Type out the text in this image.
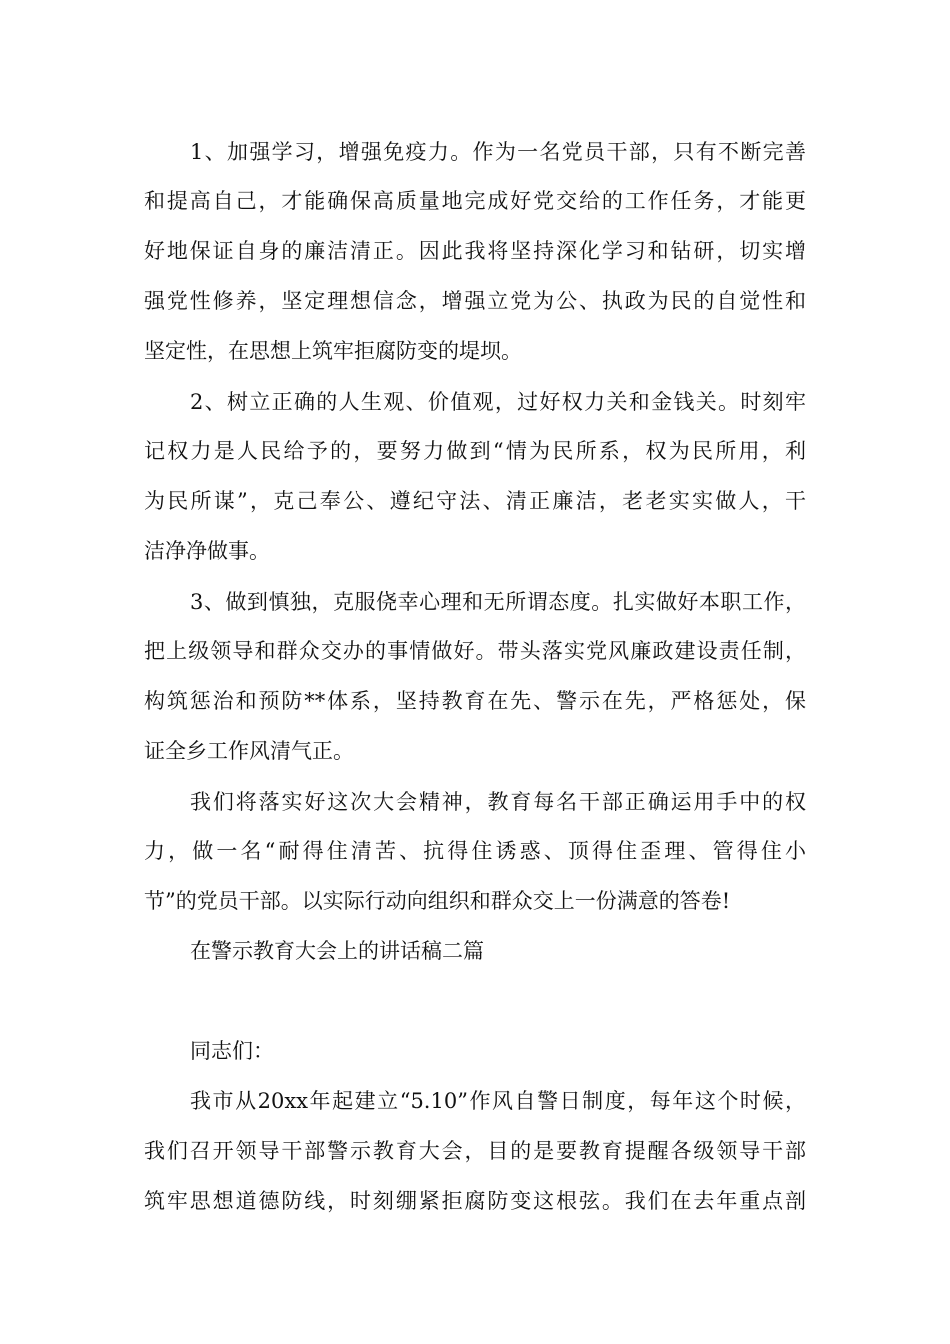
1、加强学习，增强免疫力。作为一名党员干部，只有不断完善
和提高自己，才能确保高质量地完成好党交给的工作任务，才能更
好地保证自身的廉洁清正。因此我将坚持深化学习和钻研，切实增
强党性修养，坚定理想信念，增强立党为公、执政为民的自觉性和
坚定性，在思想上筑牢拒腐防变的堤坝。
2、树立正确的人生观、价值观，过好权力关和金钱关。时刻牢
记权力是人民给予的，要努力做到“情为民所系，权为民所用，利
为民所谋”，克己奉公、遵纪守法、清正廉洁，老老实实做人，干
洁净净做事。
3、做到慎独，克服侥幸心理和无所谓态度。扎实做好本职工作，
把上级领导和群众交办的事情做好。带头落实党风廉政建设责任制，
构筑惩治和预防**体系，坚持教育在先、警示在先，严格惩处，保
证全乡工作风清气正。
我们将落实好这次大会精神，教育每名干部正确运用手中的权
力，做一名“耐得住清苦、抗得住诱惑、顶得住歪理、管得住小
节”的党员干部。以实际行动向组织和群众交上一份满意的答卷!
在警示教育大会上的讲话稿二篇
同志们：
我市从20xx年起建立“5.10”作风自警日制度，每年这个时候，
我们召开领导干部警示教育大会，目的是要教育提醒各级领导干部
筑牢思想道德防线，时刻绷紧拒腐防变这根弦。我们在去年重点剖
